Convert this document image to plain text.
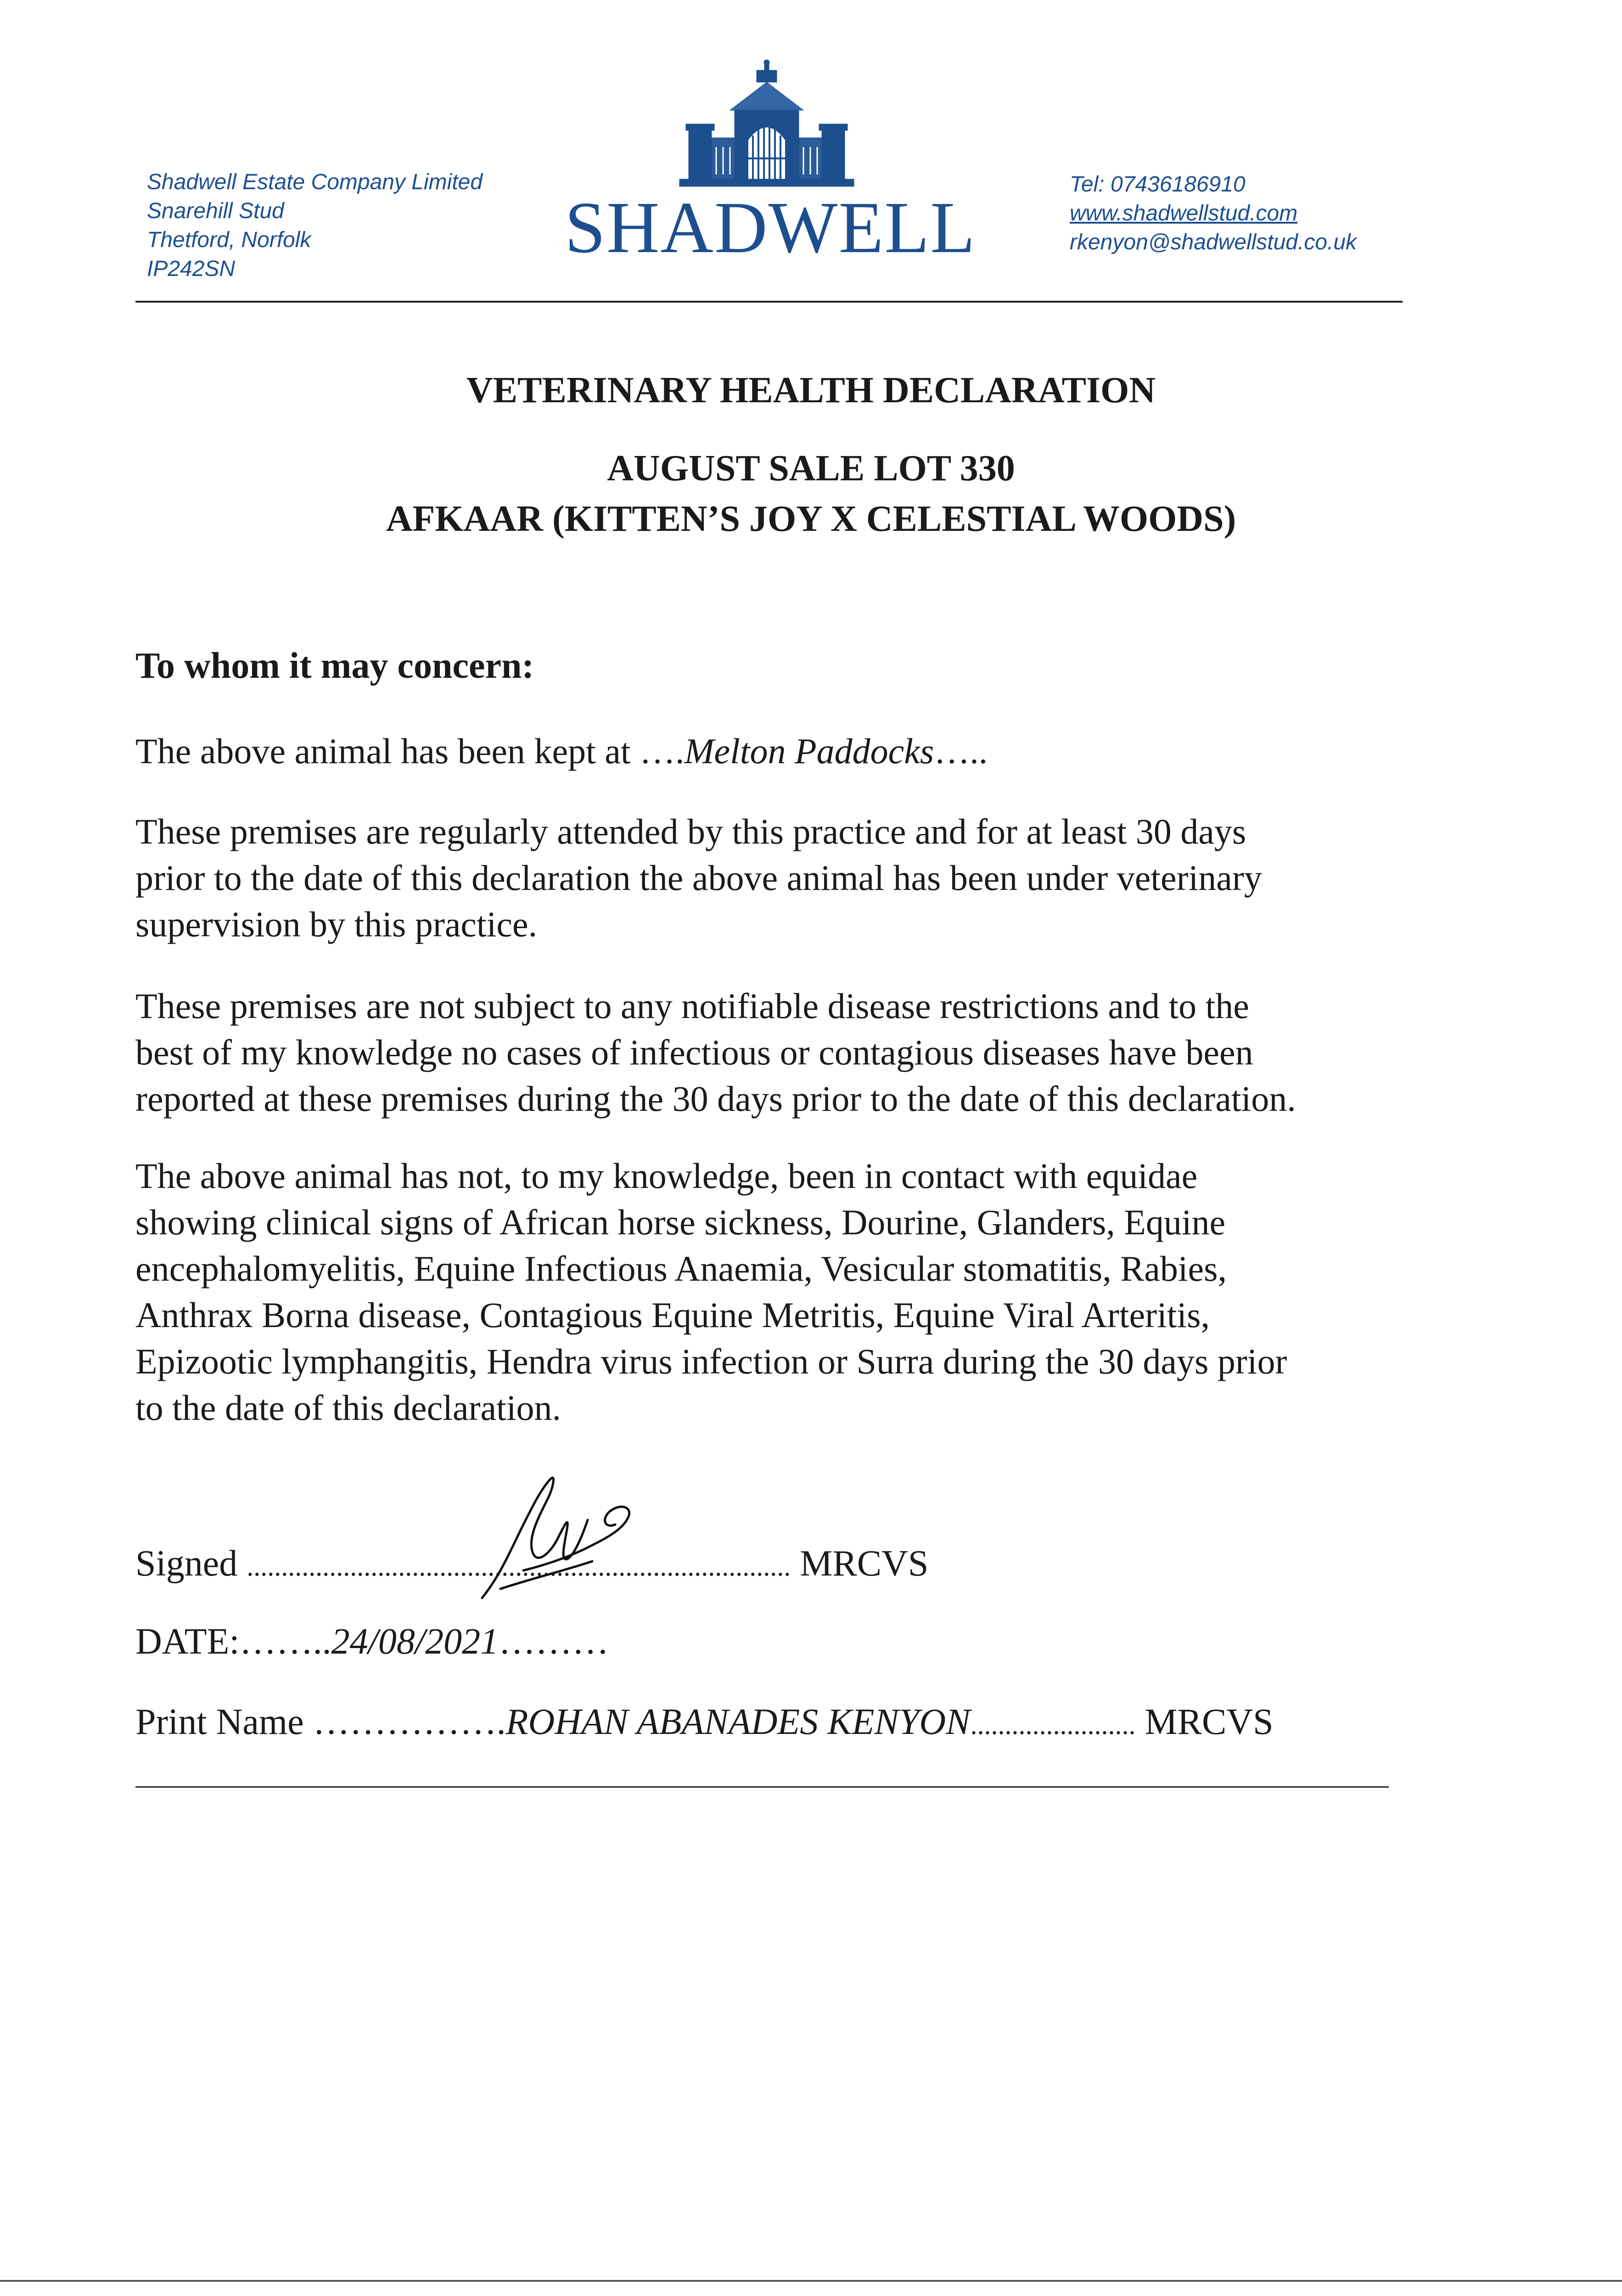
Shadwell Estate Company Limited
Snarehill Stud
Thetford, Norfolk
IP242SN
SHADWELL
Tel: 07436186910
www.shadwellstud.com
rkenyon@shadwellstud.co.uk
VETERINARY HEALTH DECLARATION
AUGUST SALE LOT 330
AFKAAR (KITTEN’S JOY X CELESTIAL WOODS)
To whom it may concern:
The above animal has been kept at ….Melton Paddocks…..
These premises are regularly attended by this practice and for at least 30 days
prior to the date of this declaration the above animal has been under veterinary
supervision by this practice.
These premises are not subject to any notifiable disease restrictions and to the
best of my knowledge no cases of infectious or contagious diseases have been
reported at these premises during the 30 days prior to the date of this declaration.
The above animal has not, to my knowledge, been in contact with equidae
showing clinical signs of African horse sickness, Dourine, Glanders, Equine
encephalomyelitis, Equine Infectious Anaemia, Vesicular stomatitis, Rabies,
Anthrax Borna disease, Contagious Equine Metritis, Equine Viral Arteritis,
Epizootic lymphangitis, Hendra virus infection or Surra during the 30 days prior
to the date of this declaration.
Signed ............................................................................... MRCVS
DATE:……..24/08/2021………
Print Name …………….ROHAN ABANADES KENYON........................ MRCVS
